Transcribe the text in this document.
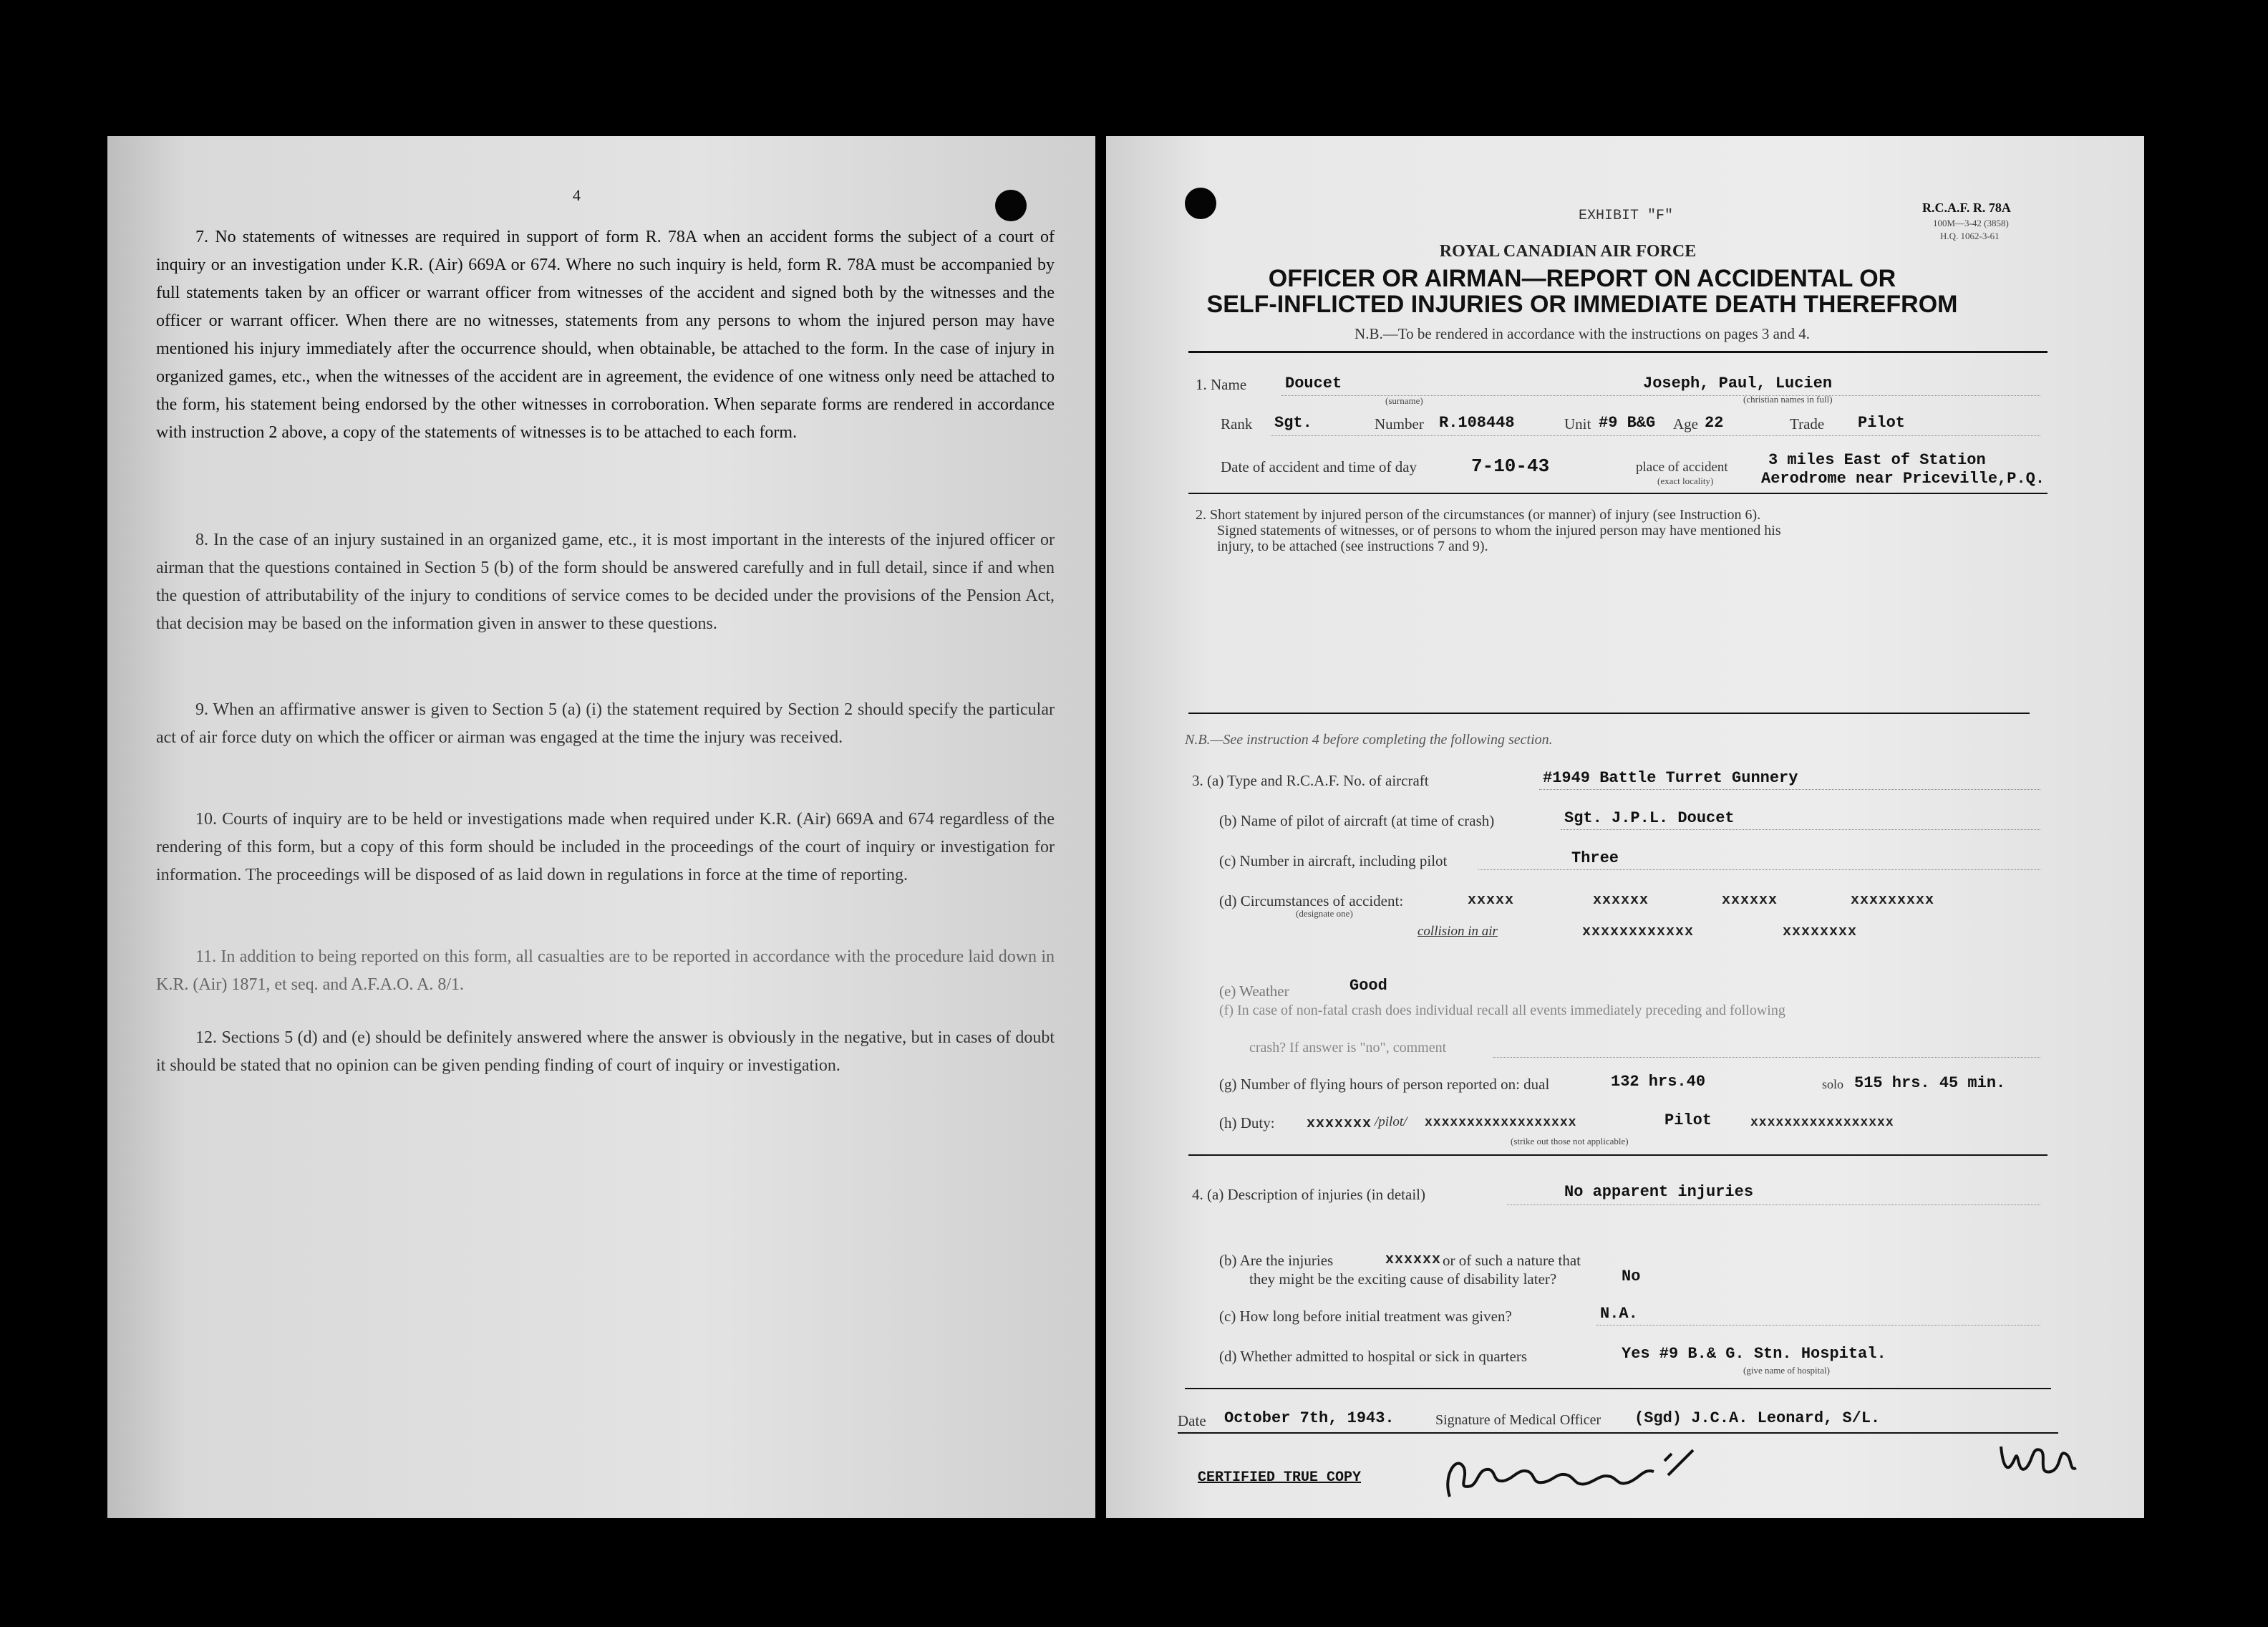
4
7. No statements of witnesses are required in support of form R. 78A when an accident forms the subject of a court of inquiry or an investigation under K.R. (Air) 669A or 674. Where no such inquiry is held, form R. 78A must be accompanied by full statements taken by an officer or warrant officer from witnesses of the accident and signed both by the witnesses and the officer or warrant officer. When there are no witnesses, statements from any persons to whom the injured person may have mentioned his injury immediately after the occurrence should, when obtainable, be attached to the form. In the case of injury in organized games, etc., when the witnesses of the accident are in agreement, the evidence of one witness only need be attached to the form, his statement being endorsed by the other witnesses in corroboration. When separate forms are rendered in accordance with instruction 2 above, a copy of the statements of witnesses is to be attached to each form.
8. In the case of an injury sustained in an organized game, etc., it is most important in the interests of the injured officer or airman that the questions contained in Section 5 (b) of the form should be answered carefully and in full detail, since if and when the question of attributability of the injury to conditions of service comes to be decided under the provisions of the Pension Act, that decision may be based on the information given in answer to these questions.
9. When an affirmative answer is given to Section 5 (a) (i) the statement required by Section 2 should specify the particular act of air force duty on which the officer or airman was engaged at the time the injury was received.
10. Courts of inquiry are to be held or investigations made when required under K.R. (Air) 669A and 674 regardless of the rendering of this form, but a copy of this form should be included in the proceedings of the court of inquiry or investigation for information. The proceedings will be disposed of as laid down in regulations in force at the time of reporting.
11. In addition to being reported on this form, all casualties are to be reported in accordance with the procedure laid down in K.R. (Air) 1871, et seq. and A.F.A.O. A. 8/1.
12. Sections 5 (d) and (e) should be definitely answered where the answer is obviously in the negative, but in cases of doubt it should be stated that no opinion can be given pending finding of court of inquiry or investigation.
EXHIBIT "F"	R.C.A.F. R. 78A
100M—3-42 (3858)
H.Q. 1062-3-61
ROYAL CANADIAN AIR FORCE
OFFICER OR AIRMAN—REPORT ON ACCIDENTAL OR
SELF-INFLICTED INJURIES OR IMMEDIATE DEATH THEREFROM
N.B.—To be rendered in accordance with the instructions on pages 3 and 4.
1. Name Doucet
(surname)
Joseph, Paul, Lucien
(christian names in full)
Rank Sgt.	Number R.108448	Unit #9 B&G Age 22	Trade Pilot
Date of accident and time of day	7-10-43	place of accident
(exact locality)
3 miles East of Station
Aerodrome near Priceville,P.Q.
2. Short statement by injured person of the circumstances (or manner) of injury (see Instruction 6).
Signed statements of witnesses, or of persons to whom the injured person may have mentioned his
injury, to be attached (see instructions 7 and 9).
N.B.—See instruction 4 before completing the following section.
3. (a) Type and R.C.A.F. No. of aircraft	#1949 Battle Turret Gunnery
(b) Name of pilot of aircraft (at time of crash)	Sgt. J.P.L. Doucet
(c) Number in aircraft, including pilot	Three
(d) Circumstances of accident:
(designate one)
xxxxx	xxxxxx	xxxxxx	xxxxxxxxx
collision in air	xxxxxxxxxxxx	xxxxxxxx
(e) Weather	Good
(f) In case of non-fatal crash does individual recall all events immediately preceding and following
crash? If answer is "no", comment
(g) Number of flying hours of person reported on: dual	132 hrs.40	solo 515 hrs. 45 min.
(h) Duty: xxxxxxx /pilot/ xxxxxxxxxxxxxxxxxx	Pilot	xxxxxxxxxxxxxxxxx
(strike out those not applicable)
4. (a) Description of injuries (in detail)	No apparent injuries
(b) Are the injuries	xxxxxx or of such a nature that
they might be the exciting cause of disability later?	No
(c) How long before initial treatment was given?	N.A.
(d) Whether admitted to hospital or sick in quarters	Yes #9 B.& G. Stn. Hospital.
(give name of hospital)
Date October 7th, 1943.	Signature of Medical Officer (Sgd) J.C.A. Leonard, S/L.
CERTIFIED TRUE COPY
